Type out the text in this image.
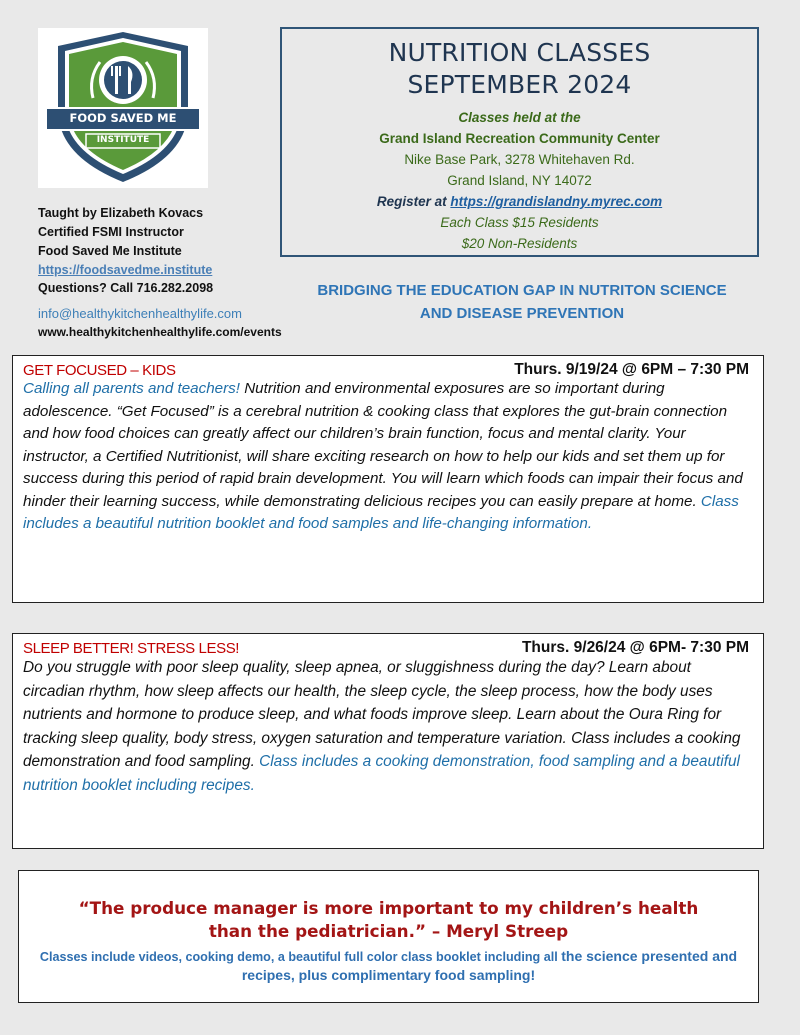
FOOD SAVED ME
INSTITUTE
NUTRITION CLASSES
SEPTEMBER 2024
Classes held at the
Grand Island Recreation Community Center
Nike Base Park, 3278 Whitehaven Rd.
Grand Island, NY 14072
Register at https://grandislandny.myrec.com
Each Class $15 Residents
$20 Non-Residents
Taught by Elizabeth Kovacs
Certified FSMI Instructor
Food Saved Me Institute
https://foodsavedme.institute
Questions? Call 716.282.2098
info@healthykitchenhealthylife.com
www.healthykitchenhealthylife.com/events
BRIDGING THE EDUCATION GAP IN NUTRITON SCIENCE
AND DISEASE PREVENTION
GET FOCUSED – KIDS	Thurs. 9/19/24 @ 6PM – 7:30 PM
Calling all parents and teachers! Nutrition and environmental exposures are so important during adolescence. “Get Focused” is a cerebral nutrition & cooking class that explores the gut-brain connection and how food choices can greatly affect our children’s brain function, focus and mental clarity. Your instructor, a Certified Nutritionist, will share exciting research on how to help our kids and set them up for success during this period of rapid brain development. You will learn which foods can impair their focus and hinder their learning success, while demonstrating delicious recipes you can easily prepare at home. Class includes a beautiful nutrition booklet and food samples and life-changing information.
SLEEP BETTER! STRESS LESS!	Thurs. 9/26/24 @ 6PM- 7:30 PM
Do you struggle with poor sleep quality, sleep apnea, or sluggishness during the day? Learn about circadian rhythm, how sleep affects our health, the sleep cycle, the sleep process, how the body uses nutrients and hormone to produce sleep, and what foods improve sleep. Learn about the Oura Ring for tracking sleep quality, body stress, oxygen saturation and temperature variation. Class includes a cooking demonstration and food sampling. Class includes a cooking demonstration, food sampling and a beautiful nutrition booklet including recipes.
“The produce manager is more important to my children’s health than the pediatrician.” – Meryl Streep
Classes include videos, cooking demo, a beautiful full color class booklet including all the science presented and recipes, plus complimentary food sampling!
